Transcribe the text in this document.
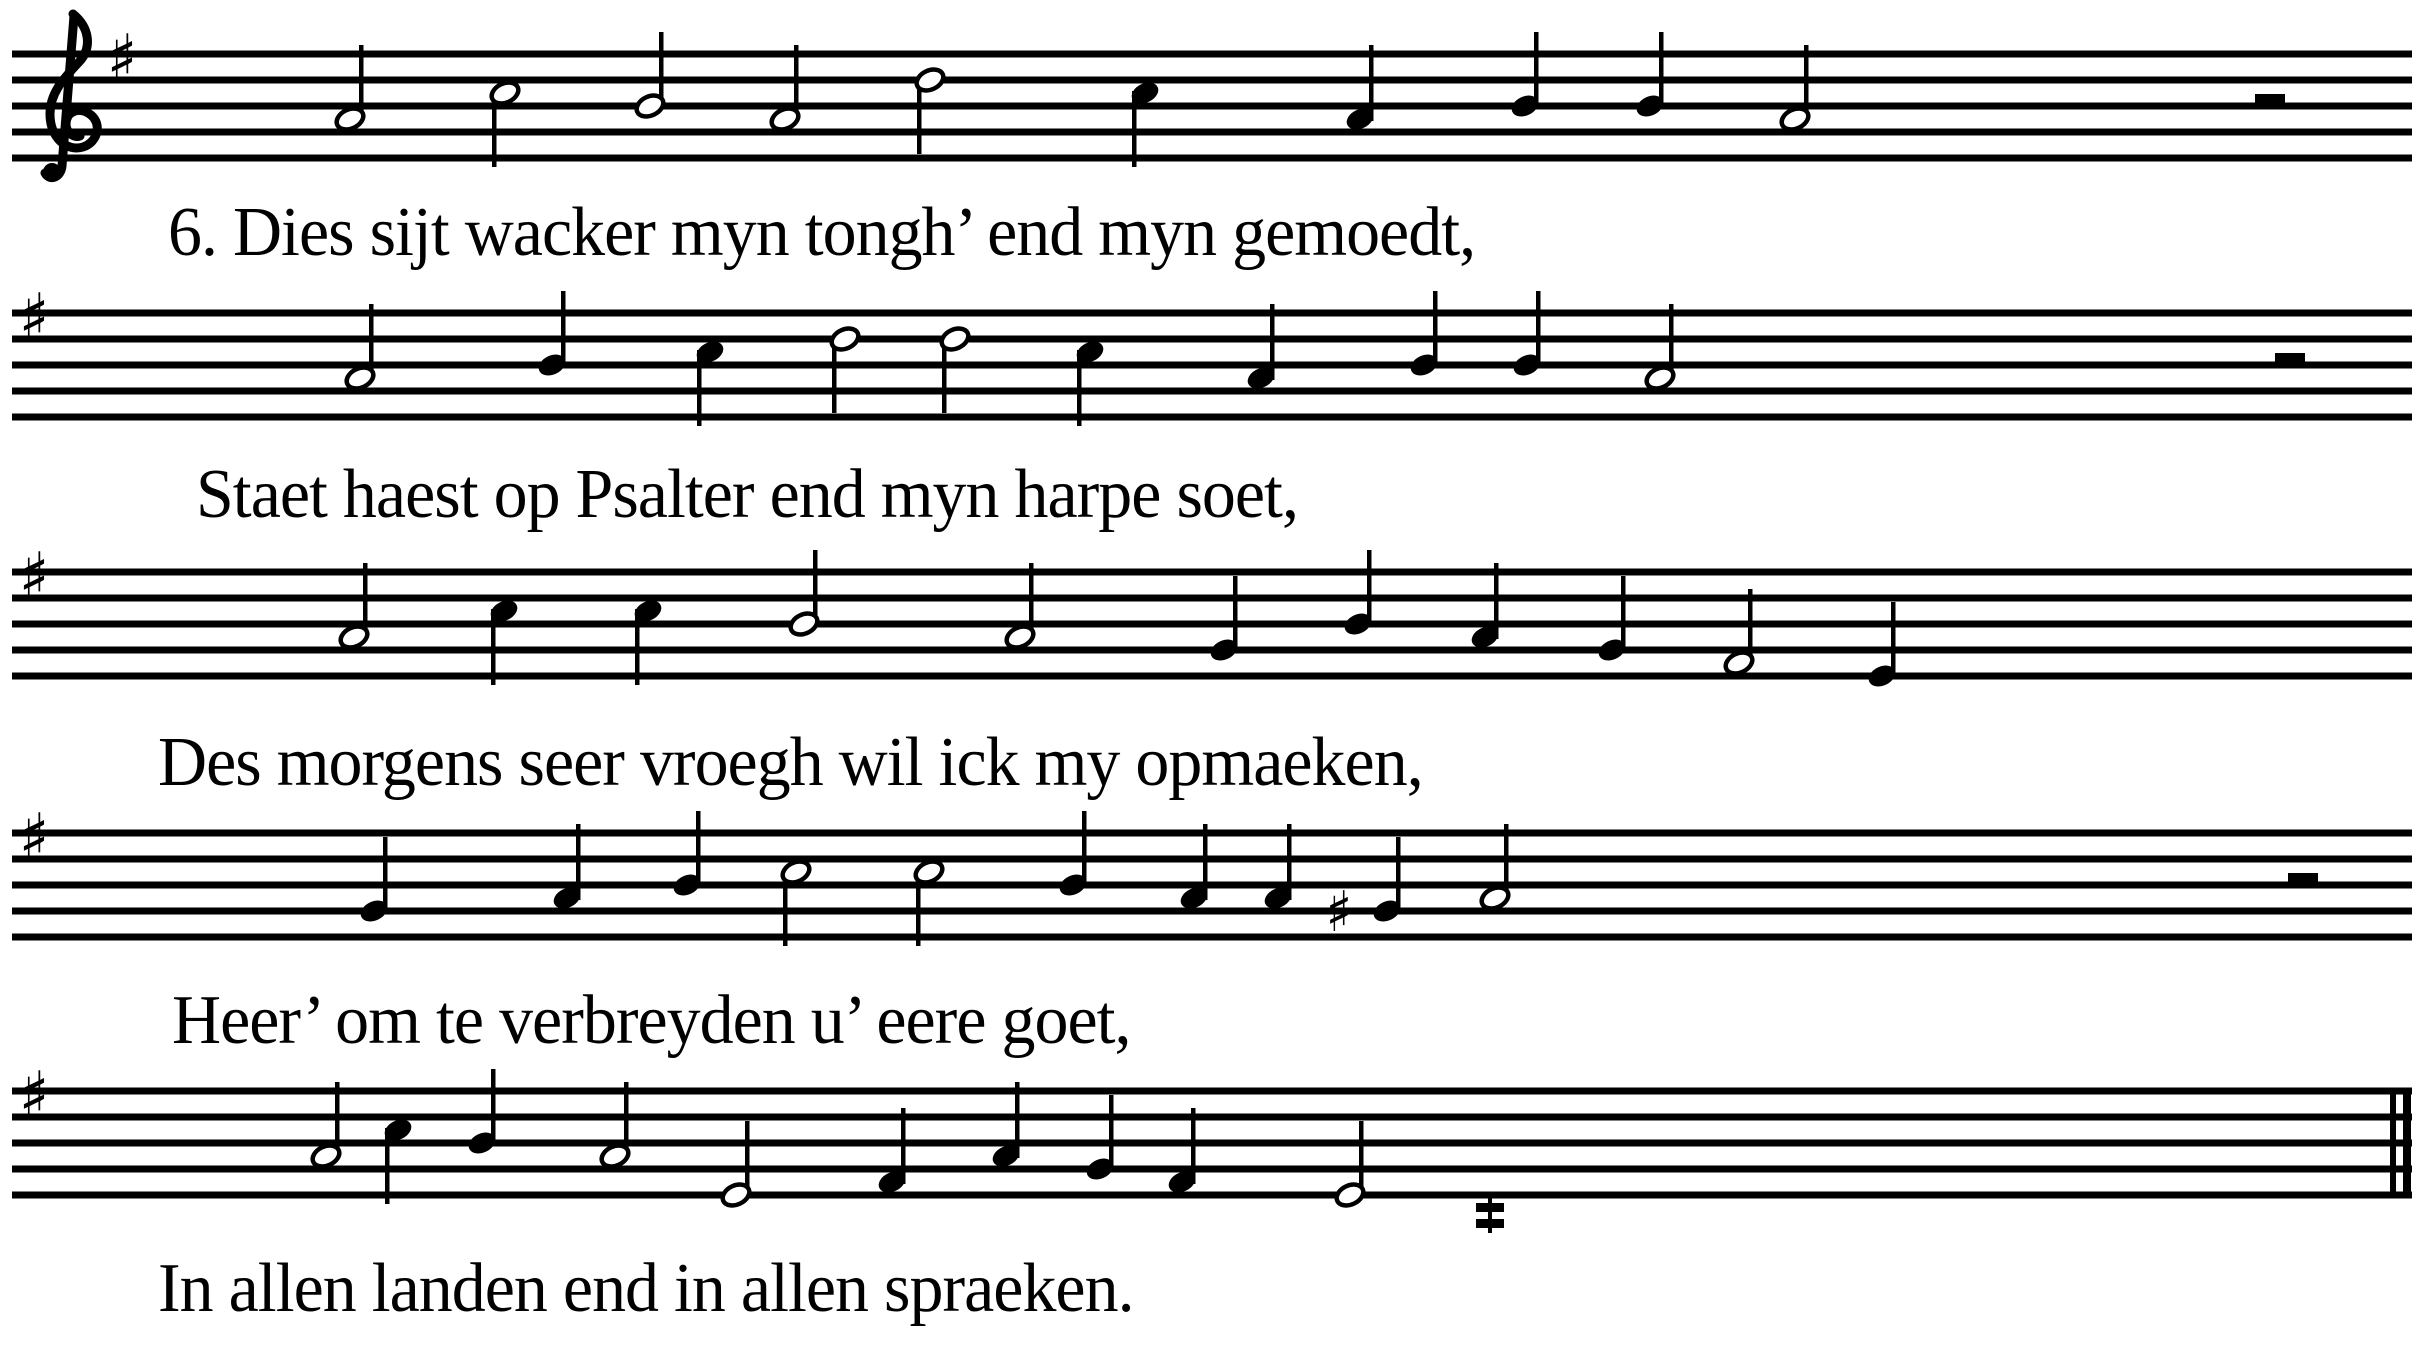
♯
♯
♯
♯
♯
♯
6. Dies sijt wacker myn tongh’ end myn gemoedt,
Staet haest op Psalter end myn harpe soet,
Des morgens seer vroegh wil ick my opmaeken,
Heer’ om te verbreyden u’ eere goet,
In allen landen end in allen spraeken.
